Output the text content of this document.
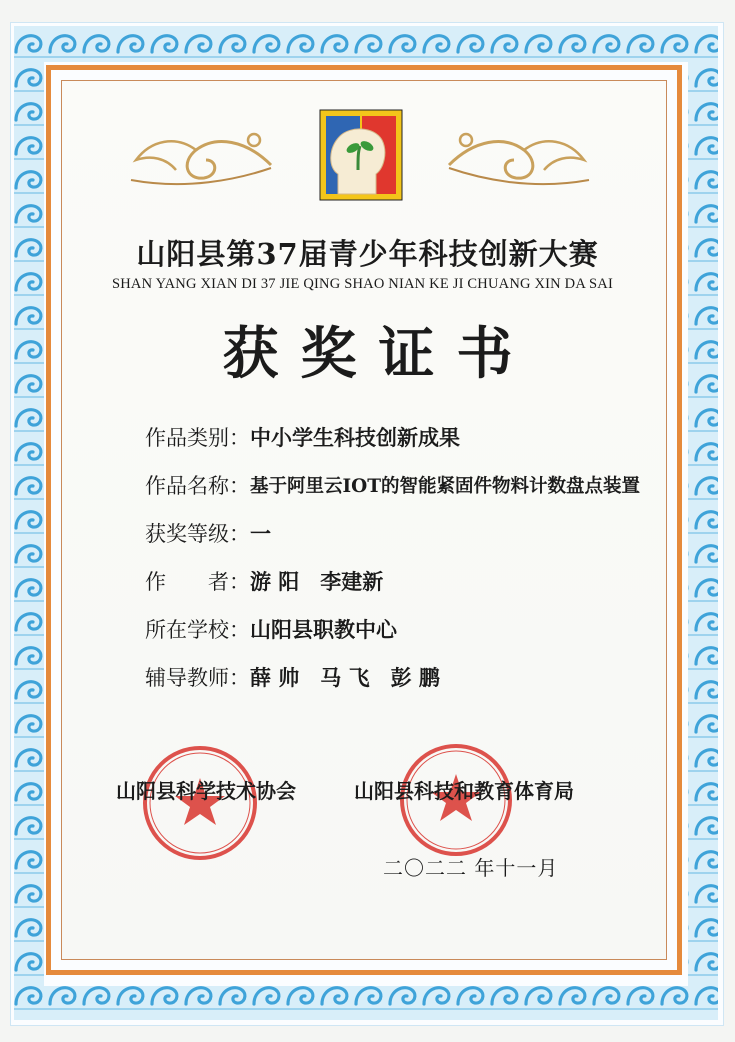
山阳县第37届青少年科技创新大赛
SHAN YANG XIAN DI 37 JIE QING SHAO NIAN KE JI CHUANG XIN DA SAI
获奖证书
作品类别： 中小学生科技创新成果
作品名称： 基于阿里云IOT的智能紧固件物料计数盘点装置
获奖等级： 一
作　　者： 游 阳　李建新
所在学校： 山阳县职教中心
辅导教师： 薛 帅　马 飞　彭 鹏
山阳县科学技术协会	山阳县科技和教育体育局
二〇二二 年十一月
